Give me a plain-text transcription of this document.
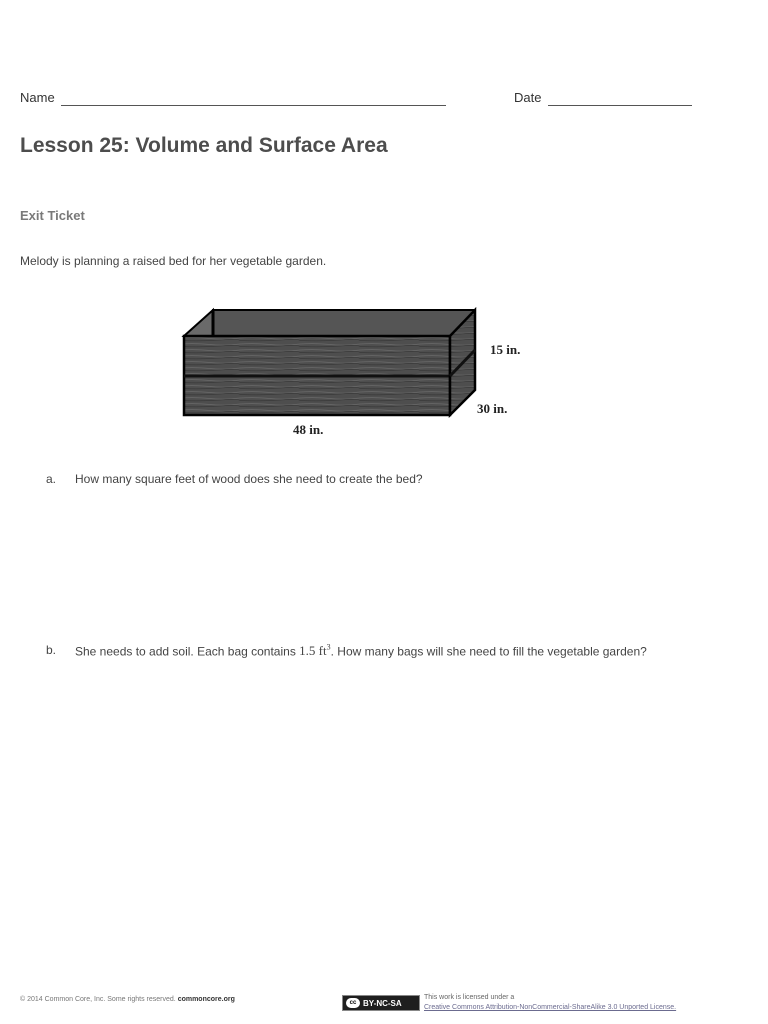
Name	Date
Lesson 25: Volume and Surface Area
Exit Ticket
Melody is planning a raised bed for her vegetable garden.
15 in.
30 in.
48 in.
a. How many square feet of wood does she need to create the bed?
b. She needs to add soil. Each bag contains 1.5 $ft^3$. How many bags will she need to fill the vegetable garden?
© 2014 Common Core, Inc. Some rights reserved. commoncore.org	cc BY-NC-SA
This work is licensed under a
Creative Commons Attribution-NonCommercial-ShareAlike 3.0 Unported License.
